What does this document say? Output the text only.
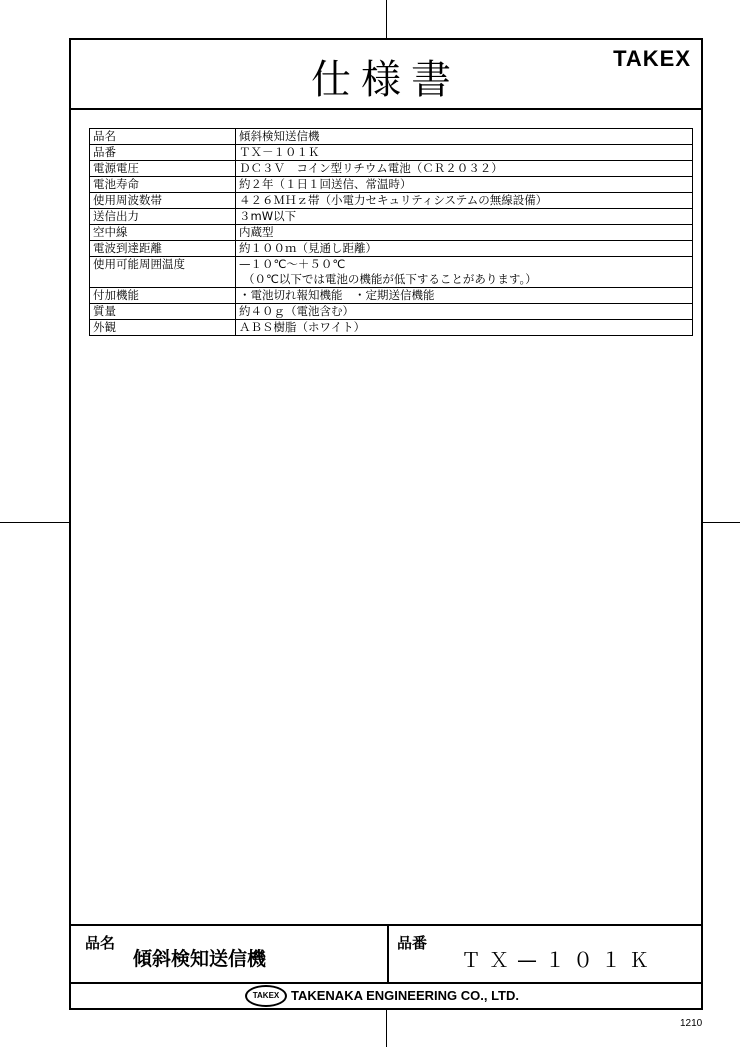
仕様書	TAKEX
品名	傾斜検知送信機

品番	ＴＸ－１０１Ｋ

電源電圧	ＤＣ３Ｖ　コイン型リチウム電池（ＣＲ２０３２）

電池寿命	約２年（１日１回送信、常温時）

使用周波数帯	４２６ＭＨｚ帯（小電力セキュリティシステムの無線設備）

送信出力	３mW以下

空中線	内蔵型

電波到達距離	約１００ｍ（見通し距離）

使用可能周囲温度	—１０℃～＋５０℃
（０℃以下では電池の機能が低下することがあります。）

付加機能	・電池切れ報知機能　・定期送信機能

質量	約４０ｇ（電池含む）

外観	ＡＢＳ樹脂（ホワイト）
品名
傾斜検知送信機
品番
ＴＸ—１０１Ｋ
TAKEX TAKENAKA ENGINEERING CO., LTD.
1210
